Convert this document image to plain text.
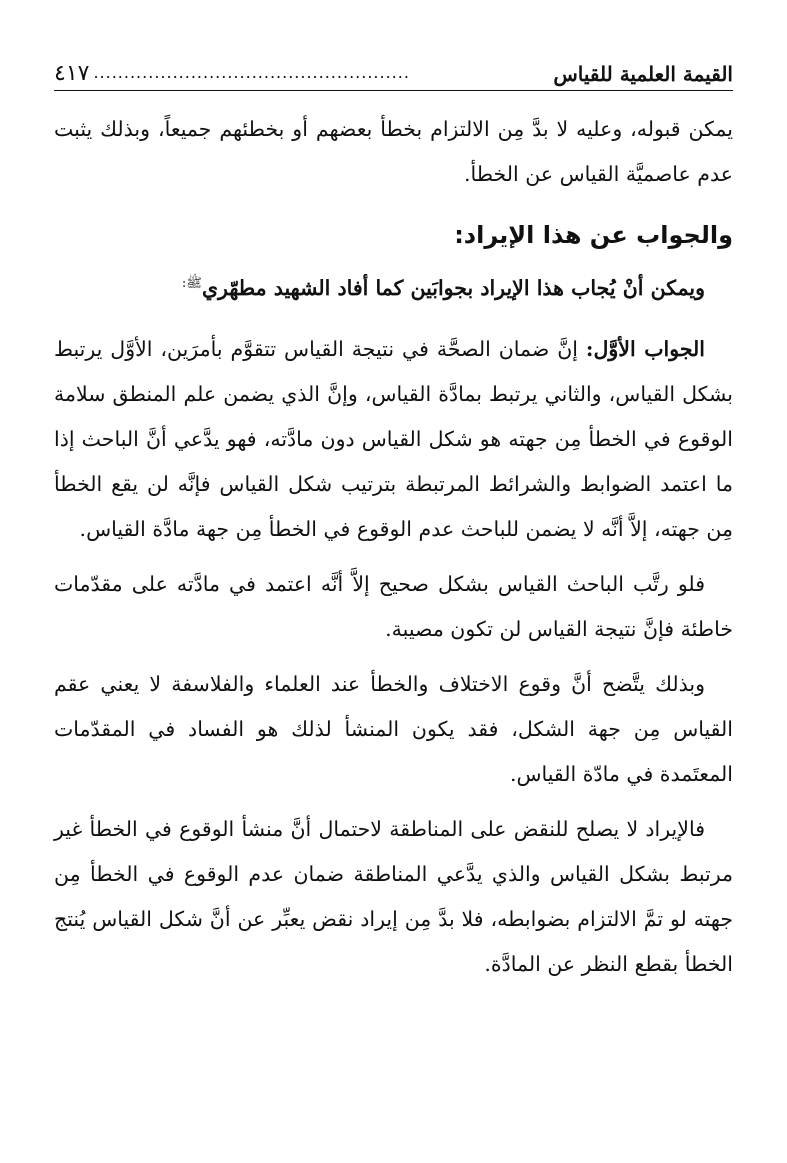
القيمة العلمية للقياس
....................................................
٤١٧

يمكن قبوله، وعليه لا بدَّ مِن الالتزام بخطأ بعضهم أو بخطئهم جميعاً، وبذلك يثبت عدم عاصميَّة القياس عن الخطأ.

والجواب عن هذا الإيراد:

ويمكن أنْ يُجاب هذا الإيراد بجوابَين كما أفاد الشهيد مطهّري$^{ﷺ:}$

الجواب الأوَّل: إنَّ ضمان الصحَّة في نتيجة القياس تتقوَّم بأمرَين، الأوَّل يرتبط بشكل القياس، والثاني يرتبط بمادَّة القياس، وإنَّ الذي يضمن علم المنطق سلامة الوقوع في الخطأ مِن جهته هو شكل القياس دون مادَّته، فهو يدَّعي أنَّ الباحث إذا ما اعتمد الضوابط والشرائط المرتبطة بترتيب شكل القياس فإنَّه لن يقع الخطأ مِن جهته، إلاَّ أنَّه لا يضمن للباحث عدم الوقوع في الخطأ مِن جهة مادَّة القياس.

فلو رتَّب الباحث القياس بشكل صحيح إلاَّ أنَّه اعتمد في مادَّته على مقدّمات خاطئة فإنَّ نتيجة القياس لن تكون مصيبة.

وبذلك يتَّضح أنَّ وقوع الاختلاف والخطأ عند العلماء والفلاسفة لا يعني عقم القياس مِن جهة الشكل، فقد يكون المنشأ لذلك هو الفساد في المقدّمات المعتَمدة في مادّة القياس.

فالإيراد لا يصلح للنقض على المناطقة لاحتمال أنَّ منشأ الوقوع في الخطأ غير مرتبط بشكل القياس والذي يدَّعي المناطقة ضمان عدم الوقوع في الخطأ مِن جهته لو تمَّ الالتزام بضوابطه، فلا بدَّ مِن إيراد نقض يعبِّر عن أنَّ شكل القياس يُنتج الخطأ بقطع النظر عن المادَّة.
